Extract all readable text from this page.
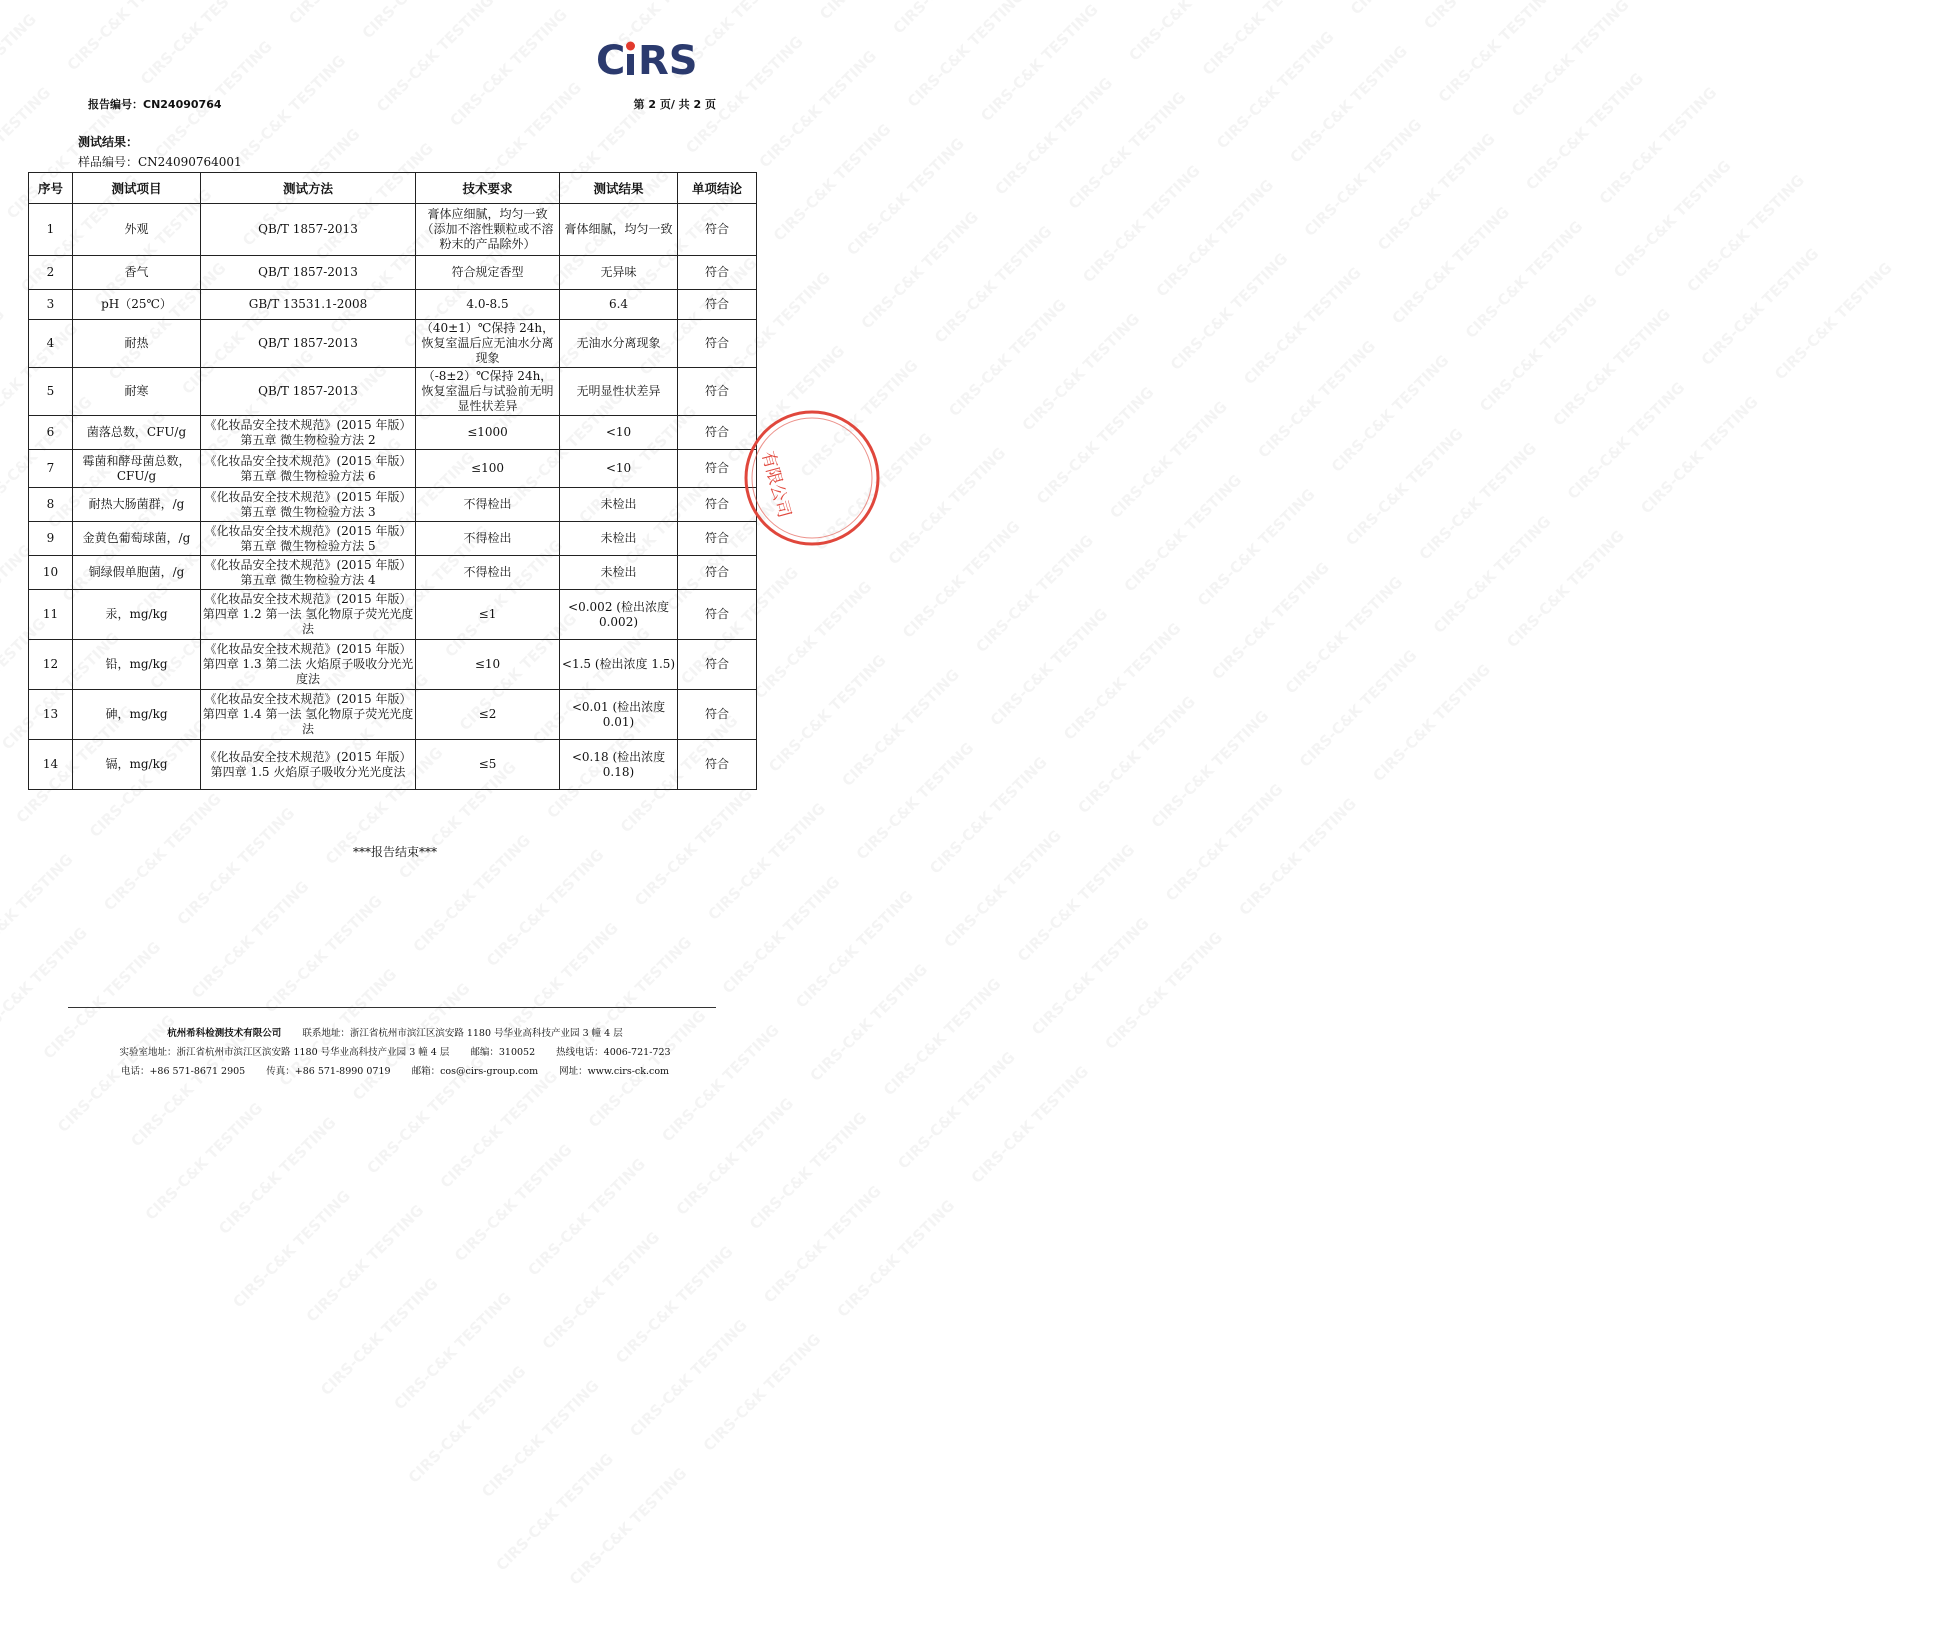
C RS
报告编号：CN24090764	第 2 页/ 共 2 页
测试结果：
样品编号：CN24090764001
序号	测试项目	测试方法	技术要求	测试结果	单项结论
1	外观	QB/T 1857-2013	膏体应细腻，均匀一致（添加不溶性颗粒或不溶粉末的产品除外）	膏体细腻，均匀一致	符合
2	香气	QB/T 1857-2013	符合规定香型	无异味	符合
3	pH（25℃）	GB/T 13531.1-2008	4.0-8.5	6.4	符合
4	耐热	QB/T 1857-2013	（40±1）℃保持 24h，恢复室温后应无油水分离现象	无油水分离现象	符合
5	耐寒	QB/T 1857-2013	（-8±2）℃保持 24h，恢复室温后与试验前无明显性状差异	无明显性状差异	符合
6	菌落总数，CFU/g	《化妆品安全技术规范》(2015 年版）第五章 微生物检验方法 2	≤1000	<10	符合
7	霉菌和酵母菌总数，CFU/g	《化妆品安全技术规范》(2015 年版）第五章 微生物检验方法 6	≤100	<10	符合
8	耐热大肠菌群，/g	《化妆品安全技术规范》(2015 年版）第五章 微生物检验方法 3	不得检出	未检出	符合
9	金黄色葡萄球菌，/g	《化妆品安全技术规范》(2015 年版）第五章 微生物检验方法 5	不得检出	未检出	符合
10	铜绿假单胞菌，/g	《化妆品安全技术规范》(2015 年版）第五章 微生物检验方法 4	不得检出	未检出	符合
11	汞，mg/kg	《化妆品安全技术规范》(2015 年版）第四章 1.2 第一法 氢化物原子荧光光度法	≤1	<0.002 (检出浓度 0.002)	符合
12	铅，mg/kg	《化妆品安全技术规范》(2015 年版）第四章 1.3 第二法 火焰原子吸收分光光度法	≤10	<1.5 (检出浓度 1.5)	符合
13	砷，mg/kg	《化妆品安全技术规范》(2015 年版）第四章 1.4 第一法 氢化物原子荧光光度法	≤2	<0.01 (检出浓度 0.01)	符合
14	镉，mg/kg	《化妆品安全技术规范》(2015 年版）第四章 1.5 火焰原子吸收分光光度法	≤5	<0.18 (检出浓度 0.18)	符合
有限公司
***报告结束***
杭州希科检测技术有限公司 联系地址：浙江省杭州市滨江区滨安路 1180 号华业高科技产业园 3 幢 4 层
实验室地址：浙江省杭州市滨江区滨安路 1180 号华业高科技产业园 3 幢 4 层 邮编：310052 热线电话：4006-721-723
电话：+86 571-8671 2905 传真：+86 571-8990 0719 邮箱：cos@cirs-group.com 网址：www.cirs-ck.com
